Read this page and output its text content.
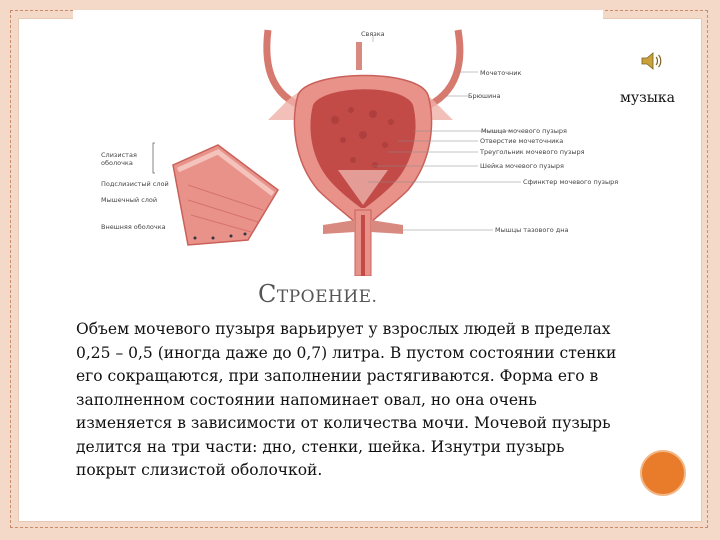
Связка
Мочеточник
Брюшина
Мышца мочевого пузыря
Отверстие мочеточника
Треугольник мочевого пузыря
Шейка мочевого пузыря
Сфинктер мочевого пузыря
Мышцы тазового дна
Слизистая оболочка
Подслизистый слой
Мышечный слой
Внешняя оболочка
СТРОЕНИЕ.
Объем мочевого пузыря варьирует у взрослых людей в пределах 0,25 – 0,5 (иногда даже до 0,7) литра. В пустом состоянии стенки его сокращаются, при заполнении растягиваются. Форма его в заполненном состоянии напоминает овал, но она очень изменяется в зависимости от количества мочи. Мочевой пузырь делится на три части: дно, стенки, шейка. Изнутри пузырь покрыт слизистой оболочкой.
музыка
